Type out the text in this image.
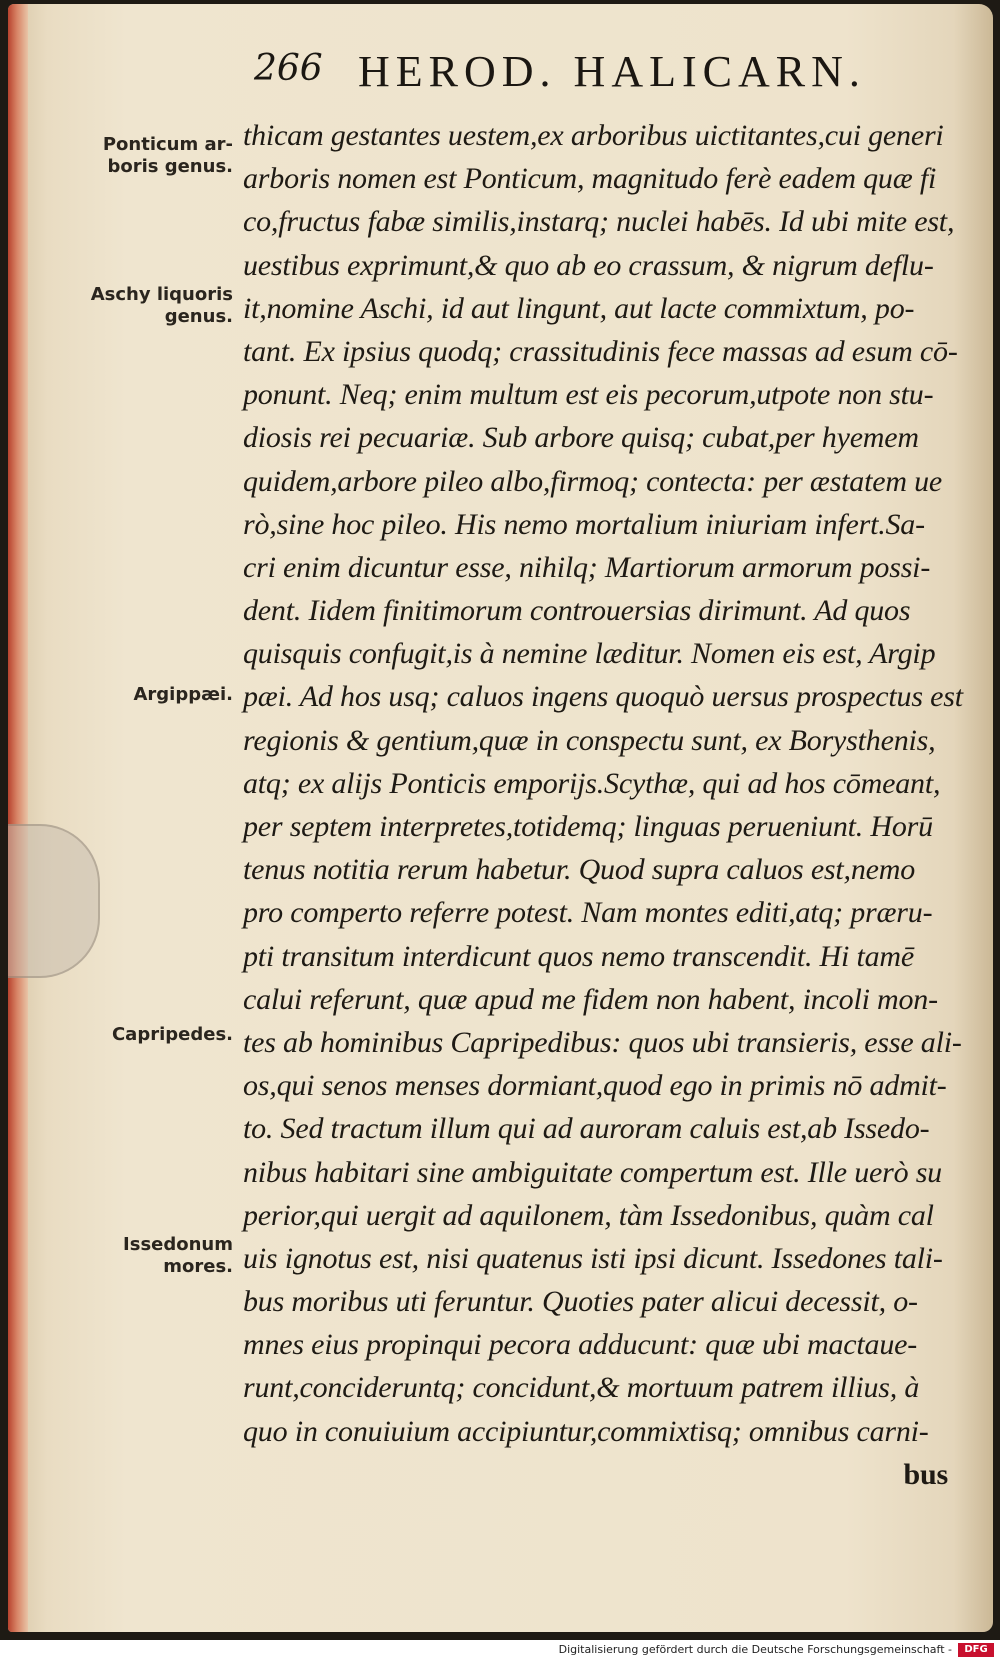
266 HEROD. HALICARN.
Ponticum ar-
boris genus.
Aschy liquoris
genus.
Argippæi.
Capripedes.
Issedonum
mores.
thicam gestantes uestem,ex arboribus uictitantes,cui generi
arboris nomen est Ponticum, magnitudo ferè eadem quæ fi
co,fructus fabæ similis,instarq; nuclei habēs. Id ubi mite est,
uestibus exprimunt,& quo ab eo crassum, & nigrum deflu-
it,nomine Aschi, id aut lingunt, aut lacte commixtum, po-
tant. Ex ipsius quodq; crassitudinis fece massas ad esum cō-
ponunt. Neq; enim multum est eis pecorum,utpote non stu-
diosis rei pecuariæ. Sub arbore quisq; cubat,per hyemem
quidem,arbore pileo albo,firmoq; contecta: per æstatem ue
rò,sine hoc pileo. His nemo mortalium iniuriam infert.Sa-
cri enim dicuntur esse, nihilq; Martiorum armorum possi-
dent. Iidem finitimorum controuersias dirimunt. Ad quos
quisquis confugit,is à nemine læditur. Nomen eis est, Argip
pæi. Ad hos usq; caluos ingens quoquò uersus prospectus est
regionis & gentium,quæ in conspectu sunt, ex Borysthenis,
atq; ex alijs Ponticis emporijs.Scythæ, qui ad hos cōmeant,
per septem interpretes,totidemq; linguas perueniunt. Horū
tenus notitia rerum habetur. Quod supra caluos est,nemo
pro comperto referre potest. Nam montes editi,atq; præru-
pti transitum interdicunt quos nemo transcendit. Hi tamē
calui referunt, quæ apud me fidem non habent, incoli mon-
tes ab hominibus Capripedibus: quos ubi transieris, esse ali-
os,qui senos menses dormiant,quod ego in primis nō admit-
to. Sed tractum illum qui ad auroram caluis est,ab Issedo-
nibus habitari sine ambiguitate compertum est. Ille uerò su
perior,qui uergit ad aquilonem, tàm Issedonibus, quàm cal
uis ignotus est, nisi quatenus isti ipsi dicunt. Issedones tali-
bus moribus uti feruntur. Quoties pater alicui decessit, o-
mnes eius propinqui pecora adducunt: quæ ubi mactaue-
runt,concideruntq; concidunt,& mortuum patrem illius, à
quo in conuiuium accipiuntur,commixtisq; omnibus carni-
bus
Digitalisierung gefördert durch die Deutsche Forschungsgemeinschaft -	DFG
